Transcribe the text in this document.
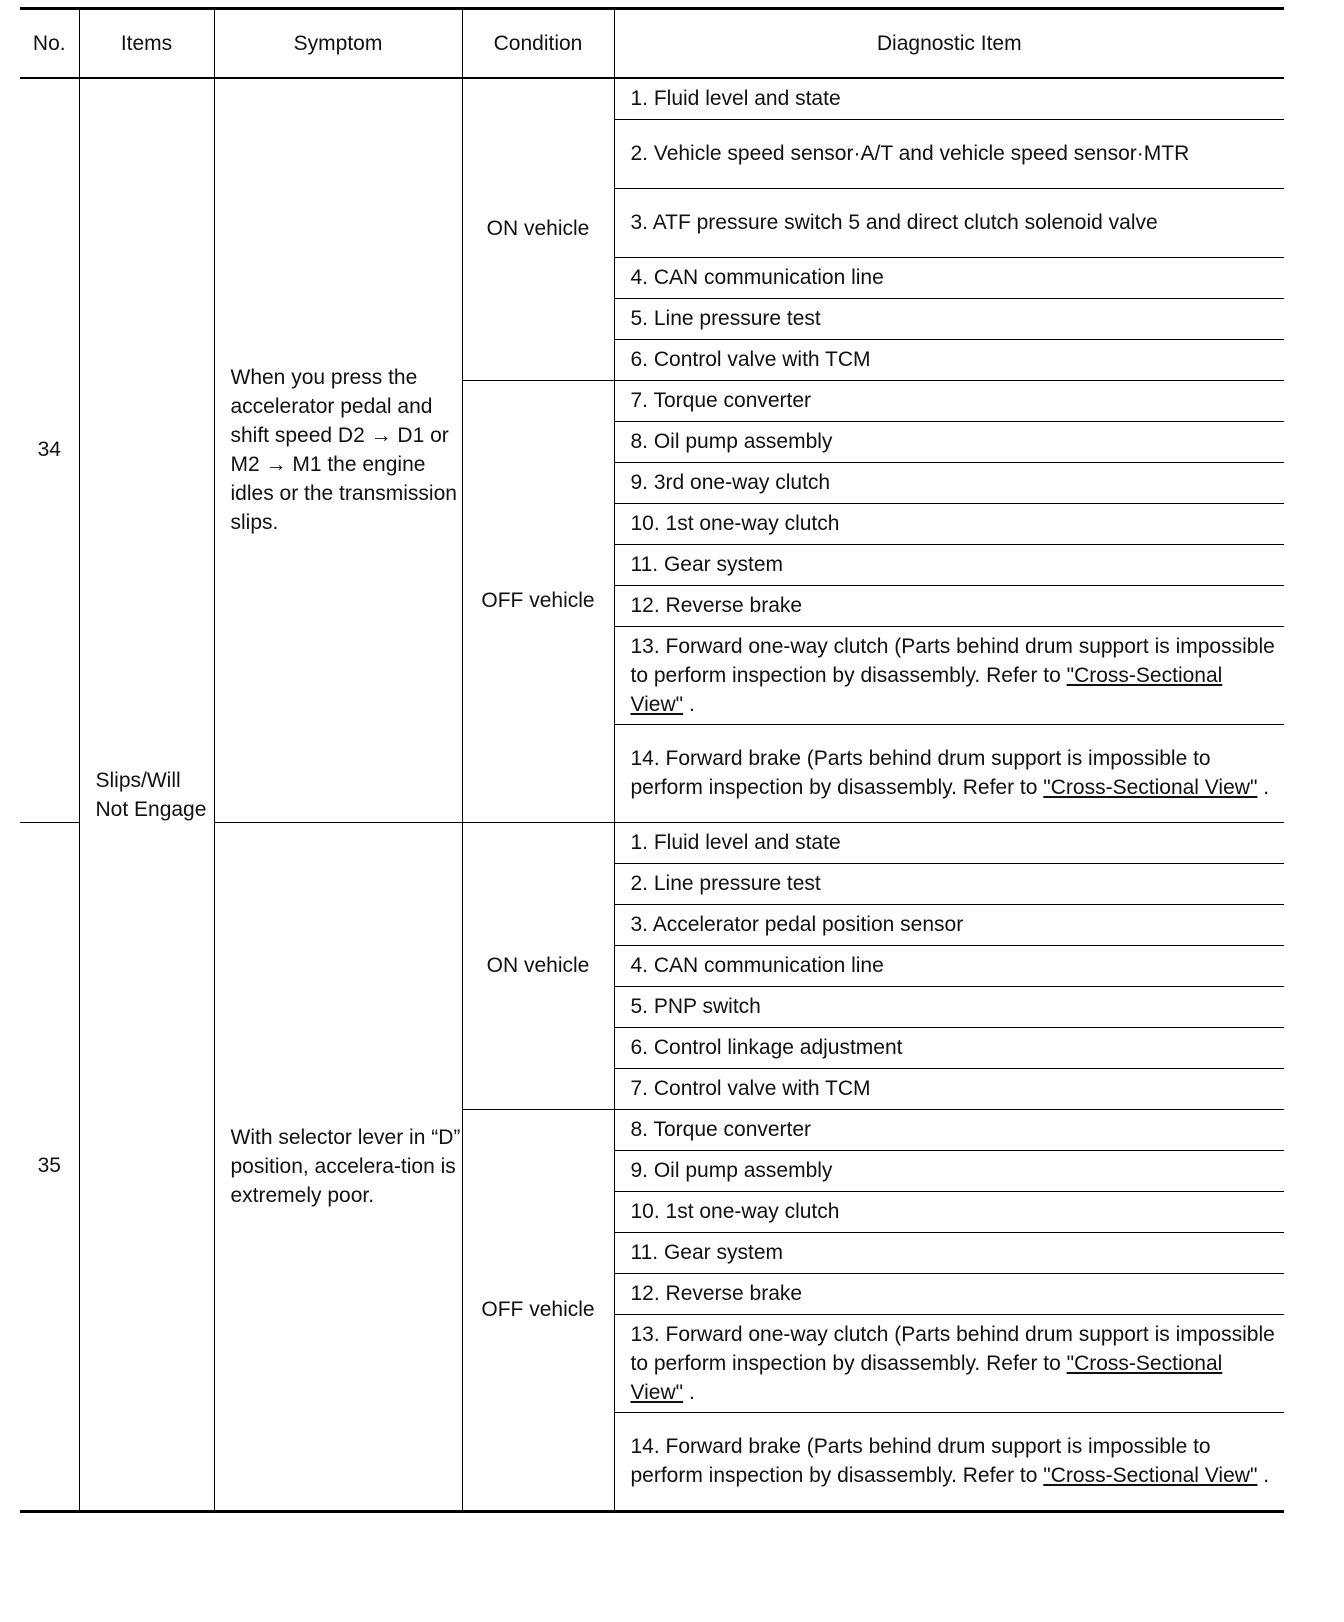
No.	Items	Symptom	Condition	Diagnostic Item
34	Slips/Will Not Engage	When you press the accelerator pedal and shift speed D2 → D1 or M2 → M1 the engine idles or the transmission slips.	ON vehicle	1. Fluid level and state
				2. Vehicle speed sensor·A/T and vehicle speed sensor·MTR
				3. ATF pressure switch 5 and direct clutch solenoid valve
				4. CAN communication line
				5. Line pressure test
				6. Control valve with TCM
			OFF vehicle	7. Torque converter
				8. Oil pump assembly
				9. 3rd one-way clutch
				10. 1st one-way clutch
				11. Gear system
				12. Reverse brake
				13. Forward one-way clutch (Parts behind drum support is impossible to perform inspection by disassembly. Refer to "Cross-Sectional View" .
				14. Forward brake (Parts behind drum support is impossible to perform inspection by disassembly. Refer to "Cross-Sectional View" .
35		With selector lever in “D” position, accelera-tion is extremely poor.	ON vehicle	1. Fluid level and state
				2. Line pressure test
				3. Accelerator pedal position sensor
				4. CAN communication line
				5. PNP switch
				6. Control linkage adjustment
				7. Control valve with TCM
			OFF vehicle	8. Torque converter
				9. Oil pump assembly
				10. 1st one-way clutch
				11. Gear system
				12. Reverse brake
				13. Forward one-way clutch (Parts behind drum support is impossible to perform inspection by disassembly. Refer to "Cross-Sectional View" .
				14. Forward brake (Parts behind drum support is impossible to perform inspection by disassembly. Refer to "Cross-Sectional View" .
